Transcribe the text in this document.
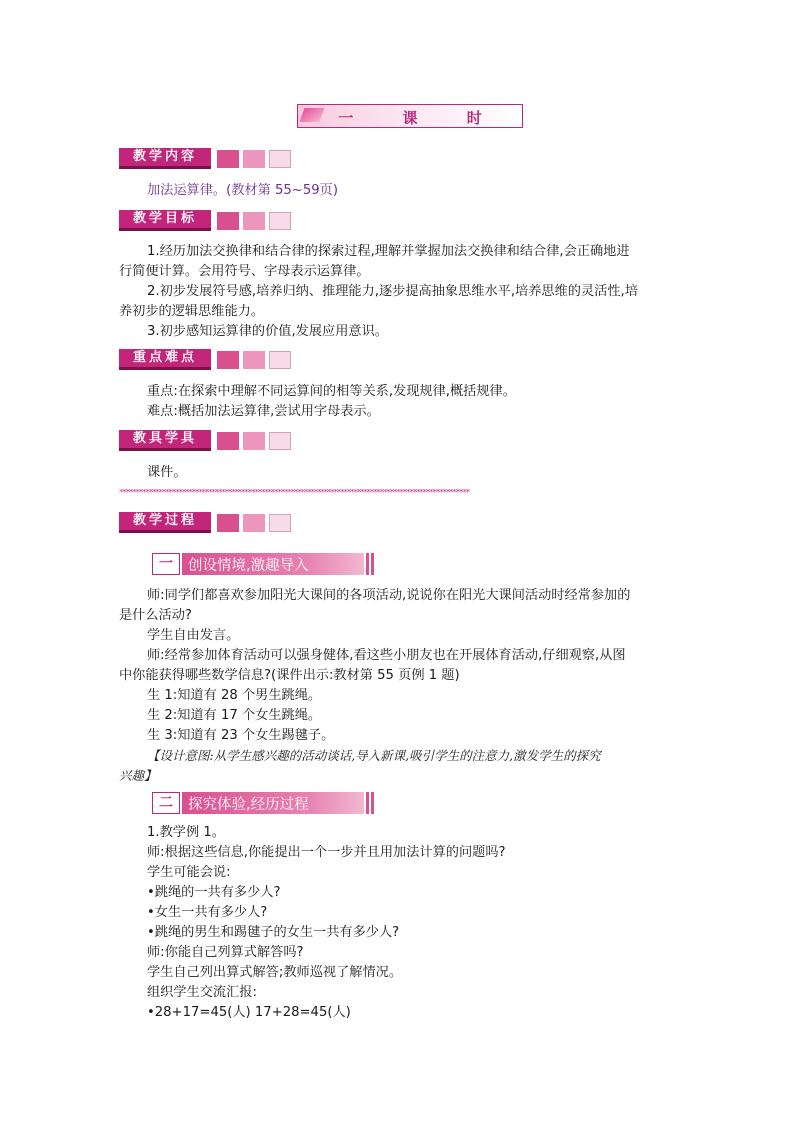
一 课 时
教学内容
加法运算律。(教材第 55~59页)
教学目标
1.经历加法交换律和结合律的探索过程,理解并掌握加法交换律和结合律,会正确地进
行简便计算。会用符号、字母表示运算律。
2.初步发展符号感,培养归纳、推理能力,逐步提高抽象思维水平,培养思维的灵活性,培
养初步的逻辑思维能力。
3.初步感知运算律的价值,发展应用意识。
重点难点
重点:在探索中理解不同运算间的相等关系,发现规律,概括规律。
难点:概括加法运算律,尝试用字母表示。
教具学具
课件。
**********************************************************************************************************
教学过程
一	创设情境,激趣导入
师:同学们都喜欢参加阳光大课间的各项活动,说说你在阳光大课间活动时经常参加的
是什么活动?
学生自由发言。
师:经常参加体育活动可以强身健体,看这些小朋友也在开展体育活动,仔细观察,从图
中你能获得哪些数学信息?(课件出示:教材第 55 页例 1 题)
生 1:知道有 28 个男生跳绳。
生 2:知道有 17 个女生跳绳。
生 3:知道有 23 个女生踢毽子。
【设计意图:从学生感兴趣的活动谈话,导入新课,吸引学生的注意力,激发学生的探究
兴趣】
二	探究体验,经历过程
1.教学例 1。
师:根据这些信息,你能提出一个一步并且用加法计算的问题吗?
学生可能会说:
•跳绳的一共有多少人?
•女生一共有多少人?
•跳绳的男生和踢毽子的女生一共有多少人?
师:你能自己列算式解答吗?
学生自己列出算式解答;教师巡视了解情况。
组织学生交流汇报:
•28+17=45(人) 17+28=45(人)
